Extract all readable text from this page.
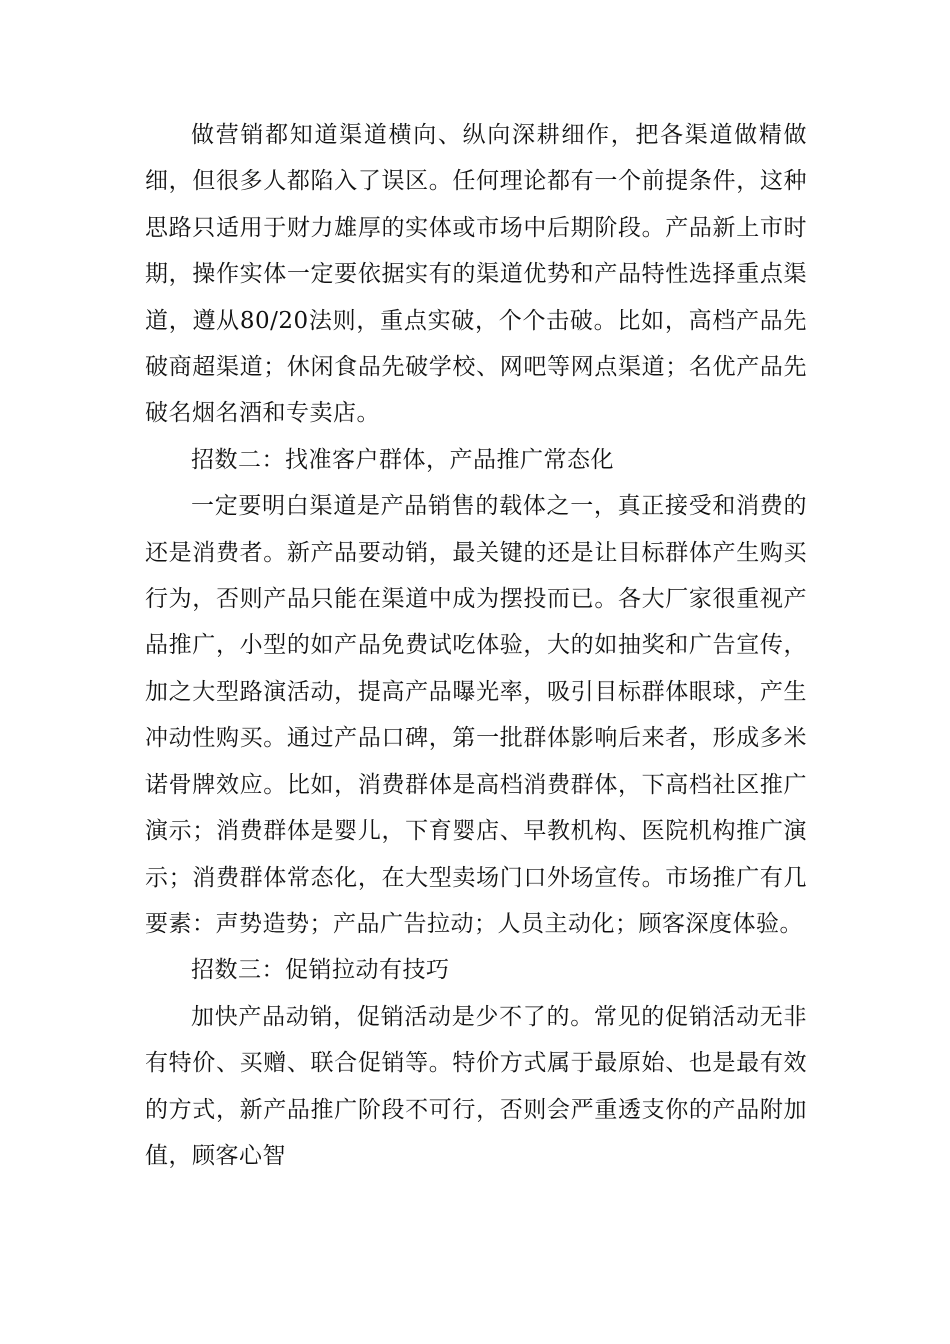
做营销都知道渠道横向、纵向深耕细作，把各渠道做精做细，但很多人都陷入了误区。任何理论都有一个前提条件，这种思路只适用于财力雄厚的实体或市场中后期阶段。产品新上市时期，操作实体一定要依据实有的渠道优势和产品特性选择重点渠道，遵从80/20法则，重点实破，个个击破。比如，高档产品先破商超渠道；休闲食品先破学校、网吧等网点渠道；名优产品先破名烟名酒和专卖店。

招数二：找准客户群体，产品推广常态化

一定要明白渠道是产品销售的载体之一，真正接受和消费的还是消费者。新产品要动销，最关键的还是让目标群体产生购买行为，否则产品只能在渠道中成为摆投而已。各大厂家很重视产品推广，小型的如产品免费试吃体验，大的如抽奖和广告宣传，加之大型路演活动，提高产品曝光率，吸引目标群体眼球，产生冲动性购买。通过产品口碑，第一批群体影响后来者，形成多米诺骨牌效应。比如，消费群体是高档消费群体，下高档社区推广演示；消费群体是婴儿，下育婴店、早教机构、医院机构推广演示；消费群体常态化，在大型卖场门口外场宣传。市场推广有几要素：声势造势；产品广告拉动；人员主动化；顾客深度体验。

招数三：促销拉动有技巧

加快产品动销，促销活动是少不了的。常见的促销活动无非有特价、买赠、联合促销等。特价方式属于最原始、也是最有效的方式，新产品推广阶段不可行，否则会严重透支你的产品附加值，顾客心智
